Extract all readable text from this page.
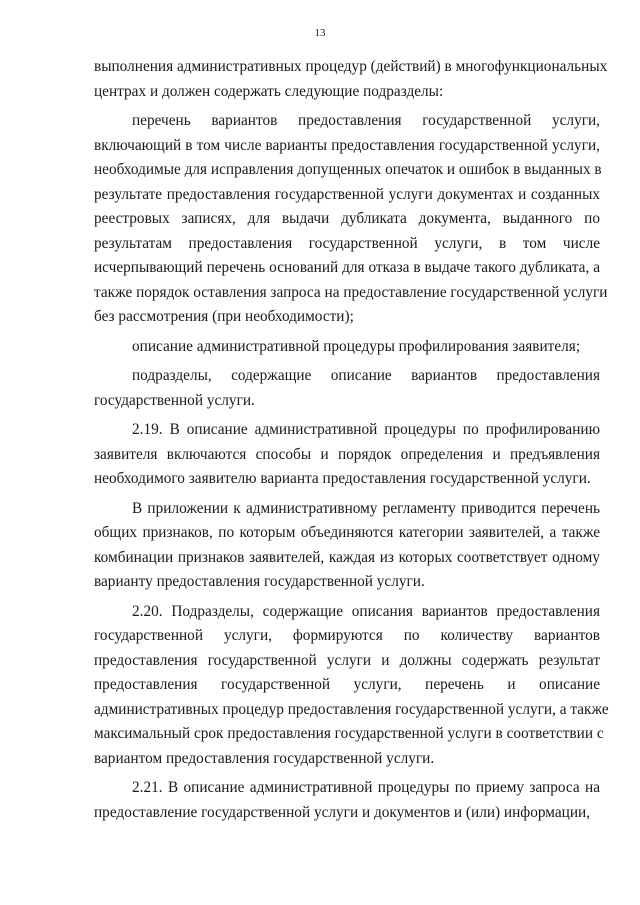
13
выполнения административных процедур (действий) в многофункциональных
центрах и должен содержать следующие подразделы:
перечень вариантов предоставления государственной услуги,
включающий в том числе варианты предоставления государственной услуги,
необходимые для исправления допущенных опечаток и ошибок в выданных в
результате предоставления государственной услуги документах и созданных
реестровых записях, для выдачи дубликата документа, выданного по
результатам предоставления государственной услуги, в том числе
исчерпывающий перечень оснований для отказа в выдаче такого дубликата, а
также порядок оставления запроса на предоставление государственной услуги
без рассмотрения (при необходимости);
описание административной процедуры профилирования заявителя;
подразделы, содержащие описание вариантов предоставления
государственной услуги.
2.19. В описание административной процедуры по профилированию
заявителя включаются способы и порядок определения и предъявления
необходимого заявителю варианта предоставления государственной услуги.
В приложении к административному регламенту приводится перечень
общих признаков, по которым объединяются категории заявителей, а также
комбинации признаков заявителей, каждая из которых соответствует одному
варианту предоставления государственной услуги.
2.20. Подразделы, содержащие описания вариантов предоставления
государственной услуги, формируются по количеству вариантов
предоставления государственной услуги и должны содержать результат
предоставления государственной услуги, перечень и описание
административных процедур предоставления государственной услуги, а также
максимальный срок предоставления государственной услуги в соответствии с
вариантом предоставления государственной услуги.
2.21. В описание административной процедуры по приему запроса на
предоставление государственной услуги и документов и (или) информации,
